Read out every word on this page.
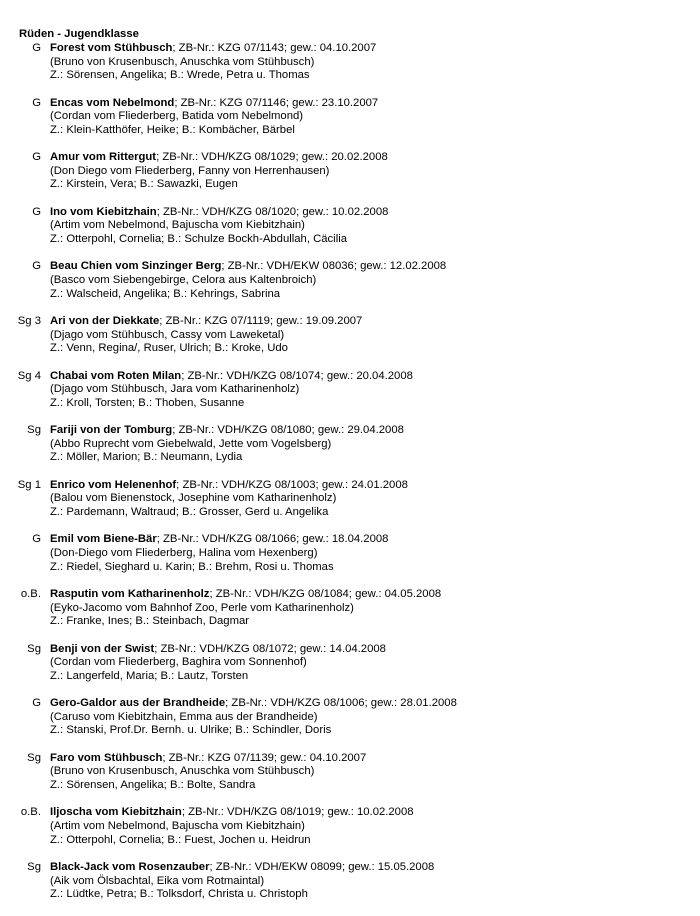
Rüden - Jugendklasse
G Forest vom Stühbusch; ZB-Nr.: KZG 07/1143; gew.: 04.10.2007
(Bruno von Krusenbusch, Anuschka vom Stühbusch)
Z.: Sörensen, Angelika; B.: Wrede, Petra u. Thomas
G Encas vom Nebelmond; ZB-Nr.: KZG 07/1146; gew.: 23.10.2007
(Cordan vom Fliederberg, Batida vom Nebelmond)
Z.: Klein-Katthöfer, Heike; B.: Kombächer, Bärbel
G Amur vom Rittergut; ZB-Nr.: VDH/KZG 08/1029; gew.: 20.02.2008
(Don Diego vom Fliederberg, Fanny von Herrenhausen)
Z.: Kirstein, Vera; B.: Sawazki, Eugen
G Ino vom Kiebitzhain; ZB-Nr.: VDH/KZG 08/1020; gew.: 10.02.2008
(Artim vom Nebelmond, Bajuscha vom Kiebitzhain)
Z.: Otterpohl, Cornelia; B.: Schulze Bockh-Abdullah, Cäcilia
G Beau Chien vom Sinzinger Berg; ZB-Nr.: VDH/EKW 08036; gew.: 12.02.2008
(Basco vom Siebengebirge, Celora aus Kaltenbroich)
Z.: Walscheid, Angelika; B.: Kehrings, Sabrina
Sg 3 Ari von der Diekkate; ZB-Nr.: KZG 07/1119; gew.: 19.09.2007
(Djago vom Stühbusch, Cassy vom Laweketal)
Z.: Venn, Regina/, Ruser, Ulrich; B.: Kroke, Udo
Sg 4 Chabai vom Roten Milan; ZB-Nr.: VDH/KZG 08/1074; gew.: 20.04.2008
(Djago vom Stühbusch, Jara vom Katharinenholz)
Z.: Kroll, Torsten; B.: Thoben, Susanne
Sg Fariji von der Tomburg; ZB-Nr.: VDH/KZG 08/1080; gew.: 29.04.2008
(Abbo Ruprecht vom Giebelwald, Jette vom Vogelsberg)
Z.: Möller, Marion; B.: Neumann, Lydia
Sg 1 Enrico vom Helenenhof; ZB-Nr.: VDH/KZG 08/1003; gew.: 24.01.2008
(Balou vom Bienenstock, Josephine vom Katharinenholz)
Z.: Pardemann, Waltraud; B.: Grosser, Gerd u. Angelika
G Emil vom Biene-Bär; ZB-Nr.: VDH/KZG 08/1066; gew.: 18.04.2008
(Don-Diego vom Fliederberg, Halina vom Hexenberg)
Z.: Riedel, Sieghard u. Karin; B.: Brehm, Rosi u. Thomas
o.B. Rasputin vom Katharinenholz; ZB-Nr.: VDH/KZG 08/1084; gew.: 04.05.2008
(Eyko-Jacomo vom Bahnhof Zoo, Perle vom Katharinenholz)
Z.: Franke, Ines; B.: Steinbach, Dagmar
Sg Benji von der Swist; ZB-Nr.: VDH/KZG 08/1072; gew.: 14.04.2008
(Cordan vom Fliederberg, Baghira vom Sonnenhof)
Z.: Langerfeld, Maria; B.: Lautz, Torsten
G Gero-Galdor aus der Brandheide; ZB-Nr.: VDH/KZG 08/1006; gew.: 28.01.2008
(Caruso vom Kiebitzhain, Emma aus der Brandheide)
Z.: Stanski, Prof.Dr. Bernh. u. Ulrike; B.: Schindler, Doris
Sg Faro vom Stühbusch; ZB-Nr.: KZG 07/1139; gew.: 04.10.2007
(Bruno von Krusenbusch, Anuschka vom Stühbusch)
Z.: Sörensen, Angelika; B.: Bolte, Sandra
o.B. Iljoscha vom Kiebitzhain; ZB-Nr.: VDH/KZG 08/1019; gew.: 10.02.2008
(Artim vom Nebelmond, Bajuscha vom Kiebitzhain)
Z.: Otterpohl, Cornelia; B.: Fuest, Jochen u. Heidrun
Sg Black-Jack vom Rosenzauber; ZB-Nr.: VDH/EKW 08099; gew.: 15.05.2008
(Aik vom Ölsbachtal, Eika vom Rotmaintal)
Z.: Lüdtke, Petra; B.: Tolksdorf, Christa u. Christoph
